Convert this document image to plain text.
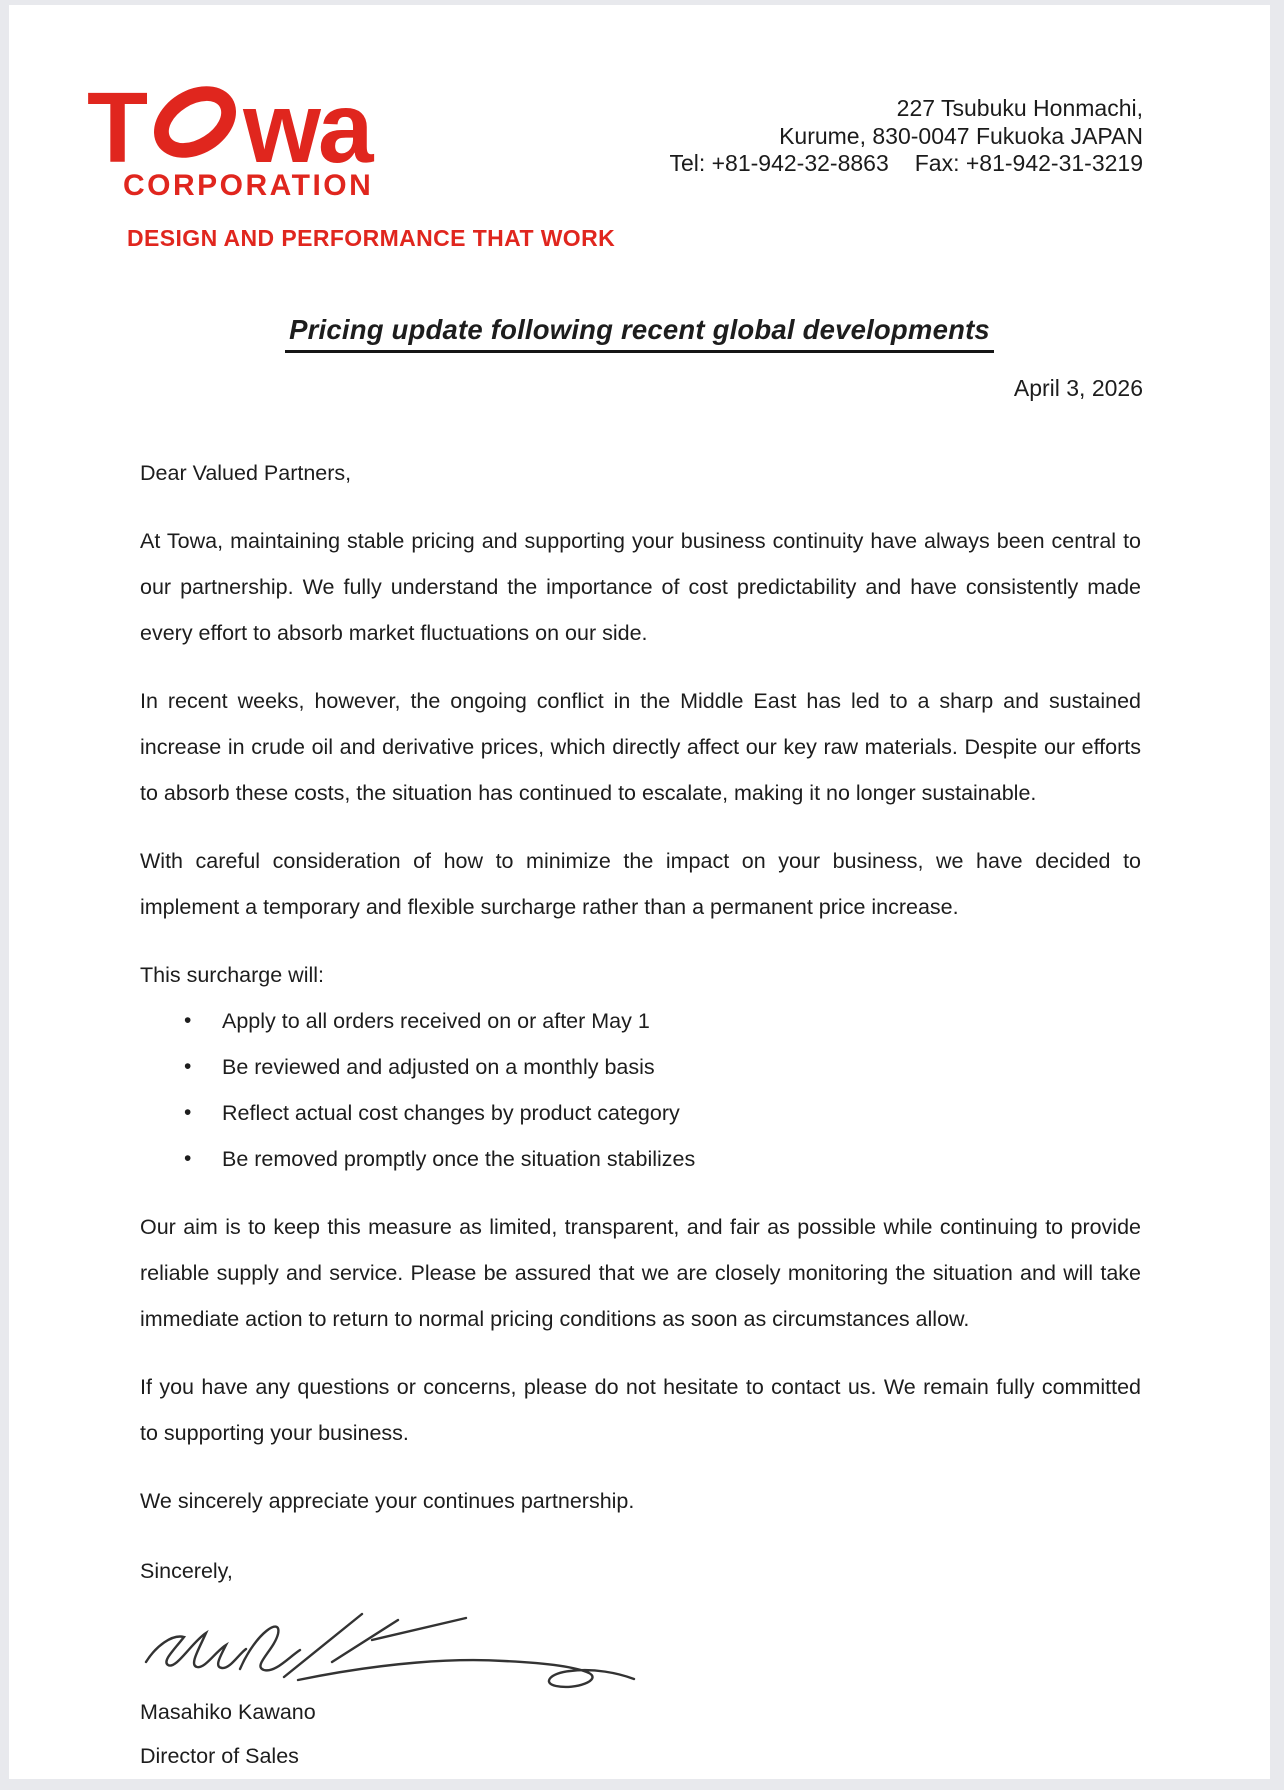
T wa
CORPORATION
DESIGN AND PERFORMANCE THAT WORK
227 Tsubuku Honmachi,
Kurume, 830-0047 Fukuoka JAPAN
Tel: +81-942-32-8863 Fax: +81-942-31-3219
Pricing update following recent global developments
April 3, 2026
Dear Valued Partners,

At Towa, maintaining stable pricing and supporting your business continuity have always been central to our partnership. We fully understand the importance of cost predictability and have consistently made every effort to absorb market fluctuations on our side.

In recent weeks, however, the ongoing conflict in the Middle East has led to a sharp and sustained increase in crude oil and derivative prices, which directly affect our key raw materials. Despite our efforts to absorb these costs, the situation has continued to escalate, making it no longer sustainable.

With careful consideration of how to minimize the impact on your business, we have decided to implement a temporary and flexible surcharge rather than a permanent price increase.

This surcharge will:
•	Apply to all orders received on or after May 1
•	Be reviewed and adjusted on a monthly basis
•	Reflect actual cost changes by product category
•	Be removed promptly once the situation stabilizes

Our aim is to keep this measure as limited, transparent, and fair as possible while continuing to provide reliable supply and service. Please be assured that we are closely monitoring the situation and will take immediate action to return to normal pricing conditions as soon as circumstances allow.

If you have any questions or concerns, please do not hesitate to contact us. We remain fully committed to supporting your business.

We sincerely appreciate your continues partnership.

Sincerely,
Masahiko Kawano
Director of Sales
